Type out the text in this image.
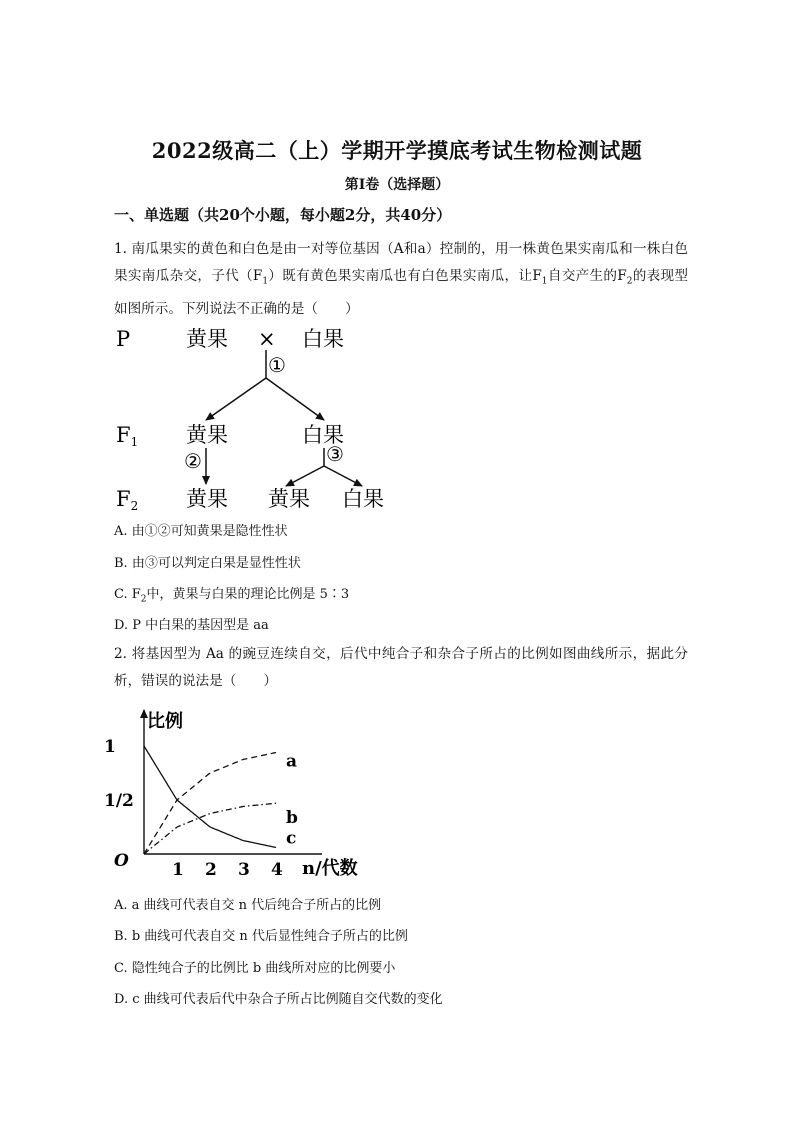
2022级高二（上）学期开学摸底考试生物检测试题
第Ⅰ卷（选择题）
一、单选题（共20个小题，每小题2分，共40分）
1. 南瓜果实的黄色和白色是由一对等位基因（A和a）控制的，用一株黄色果实南瓜和一株白色果实南瓜杂交，子代$(F_1)$既有黄色果实南瓜也有白色果实南瓜，让$F_1$自交产生的$F_2$的表现型如图所示。下列说法不正确的是（　　）
P
F1
F2
黄果 × 白果
黄果	白果
黄果 黄果 白果
①
②	③
A. 由①②可知黄果是隐性性状
B. 由③可以判定白果是显性性状
C. $F_2$中，黄果与白果的理论比例是 5∶3
D. P 中白果的基因型是 aa
2. 将基因型为 Aa 的豌豆连续自交，后代中纯合子和杂合子所占的比例如图曲线所示，据此分析，错误的说法是（　　）
比例
n/代数
O	1 2 3 4
1/2
1
a
b
c
A. a 曲线可代表自交 n 代后纯合子所占的比例
B. b 曲线可代表自交 n 代后显性纯合子所占的比例
C. 隐性纯合子的比例比 b 曲线所对应的比例要小
D. c 曲线可代表后代中杂合子所占比例随自交代数的变化
